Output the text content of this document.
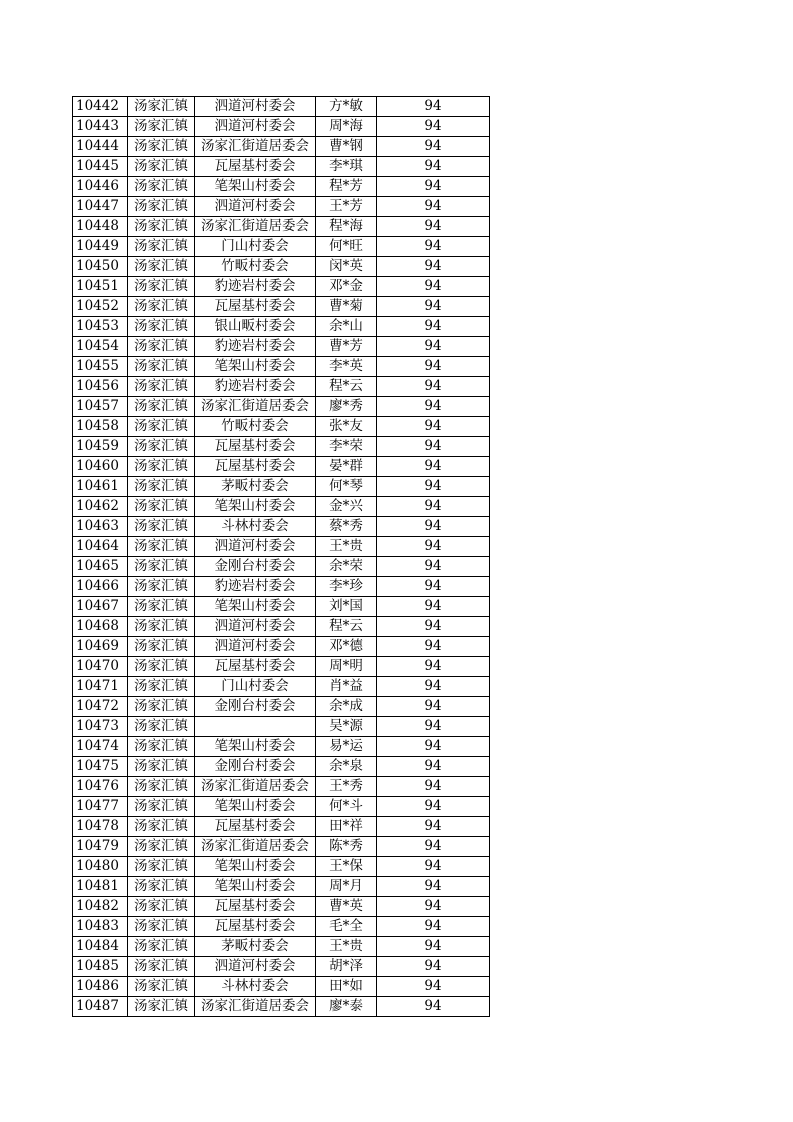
10442	汤家汇镇	泗道河村委会	方*敏	94
10443	汤家汇镇	泗道河村委会	周*海	94
10444	汤家汇镇	汤家汇街道居委会	曹*钢	94
10445	汤家汇镇	瓦屋基村委会	李*琪	94
10446	汤家汇镇	笔架山村委会	程*芳	94
10447	汤家汇镇	泗道河村委会	王*芳	94
10448	汤家汇镇	汤家汇街道居委会	程*海	94
10449	汤家汇镇	门山村委会	何*旺	94
10450	汤家汇镇	竹畈村委会	闵*英	94
10451	汤家汇镇	豹迹岩村委会	邓*金	94
10452	汤家汇镇	瓦屋基村委会	曹*菊	94
10453	汤家汇镇	银山畈村委会	余*山	94
10454	汤家汇镇	豹迹岩村委会	曹*芳	94
10455	汤家汇镇	笔架山村委会	李*英	94
10456	汤家汇镇	豹迹岩村委会	程*云	94
10457	汤家汇镇	汤家汇街道居委会	廖*秀	94
10458	汤家汇镇	竹畈村委会	张*友	94
10459	汤家汇镇	瓦屋基村委会	李*荣	94
10460	汤家汇镇	瓦屋基村委会	晏*群	94
10461	汤家汇镇	茅畈村委会	何*琴	94
10462	汤家汇镇	笔架山村委会	金*兴	94
10463	汤家汇镇	斗林村委会	蔡*秀	94
10464	汤家汇镇	泗道河村委会	王*贵	94
10465	汤家汇镇	金刚台村委会	余*荣	94
10466	汤家汇镇	豹迹岩村委会	李*珍	94
10467	汤家汇镇	笔架山村委会	刘*国	94
10468	汤家汇镇	泗道河村委会	程*云	94
10469	汤家汇镇	泗道河村委会	邓*德	94
10470	汤家汇镇	瓦屋基村委会	周*明	94
10471	汤家汇镇	门山村委会	肖*益	94
10472	汤家汇镇	金刚台村委会	余*成	94
10473	汤家汇镇		吴*源	94
10474	汤家汇镇	笔架山村委会	易*运	94
10475	汤家汇镇	金刚台村委会	余*泉	94
10476	汤家汇镇	汤家汇街道居委会	王*秀	94
10477	汤家汇镇	笔架山村委会	何*斗	94
10478	汤家汇镇	瓦屋基村委会	田*祥	94
10479	汤家汇镇	汤家汇街道居委会	陈*秀	94
10480	汤家汇镇	笔架山村委会	王*保	94
10481	汤家汇镇	笔架山村委会	周*月	94
10482	汤家汇镇	瓦屋基村委会	曹*英	94
10483	汤家汇镇	瓦屋基村委会	毛*全	94
10484	汤家汇镇	茅畈村委会	王*贵	94
10485	汤家汇镇	泗道河村委会	胡*泽	94
10486	汤家汇镇	斗林村委会	田*如	94
10487	汤家汇镇	汤家汇街道居委会	廖*泰	94
